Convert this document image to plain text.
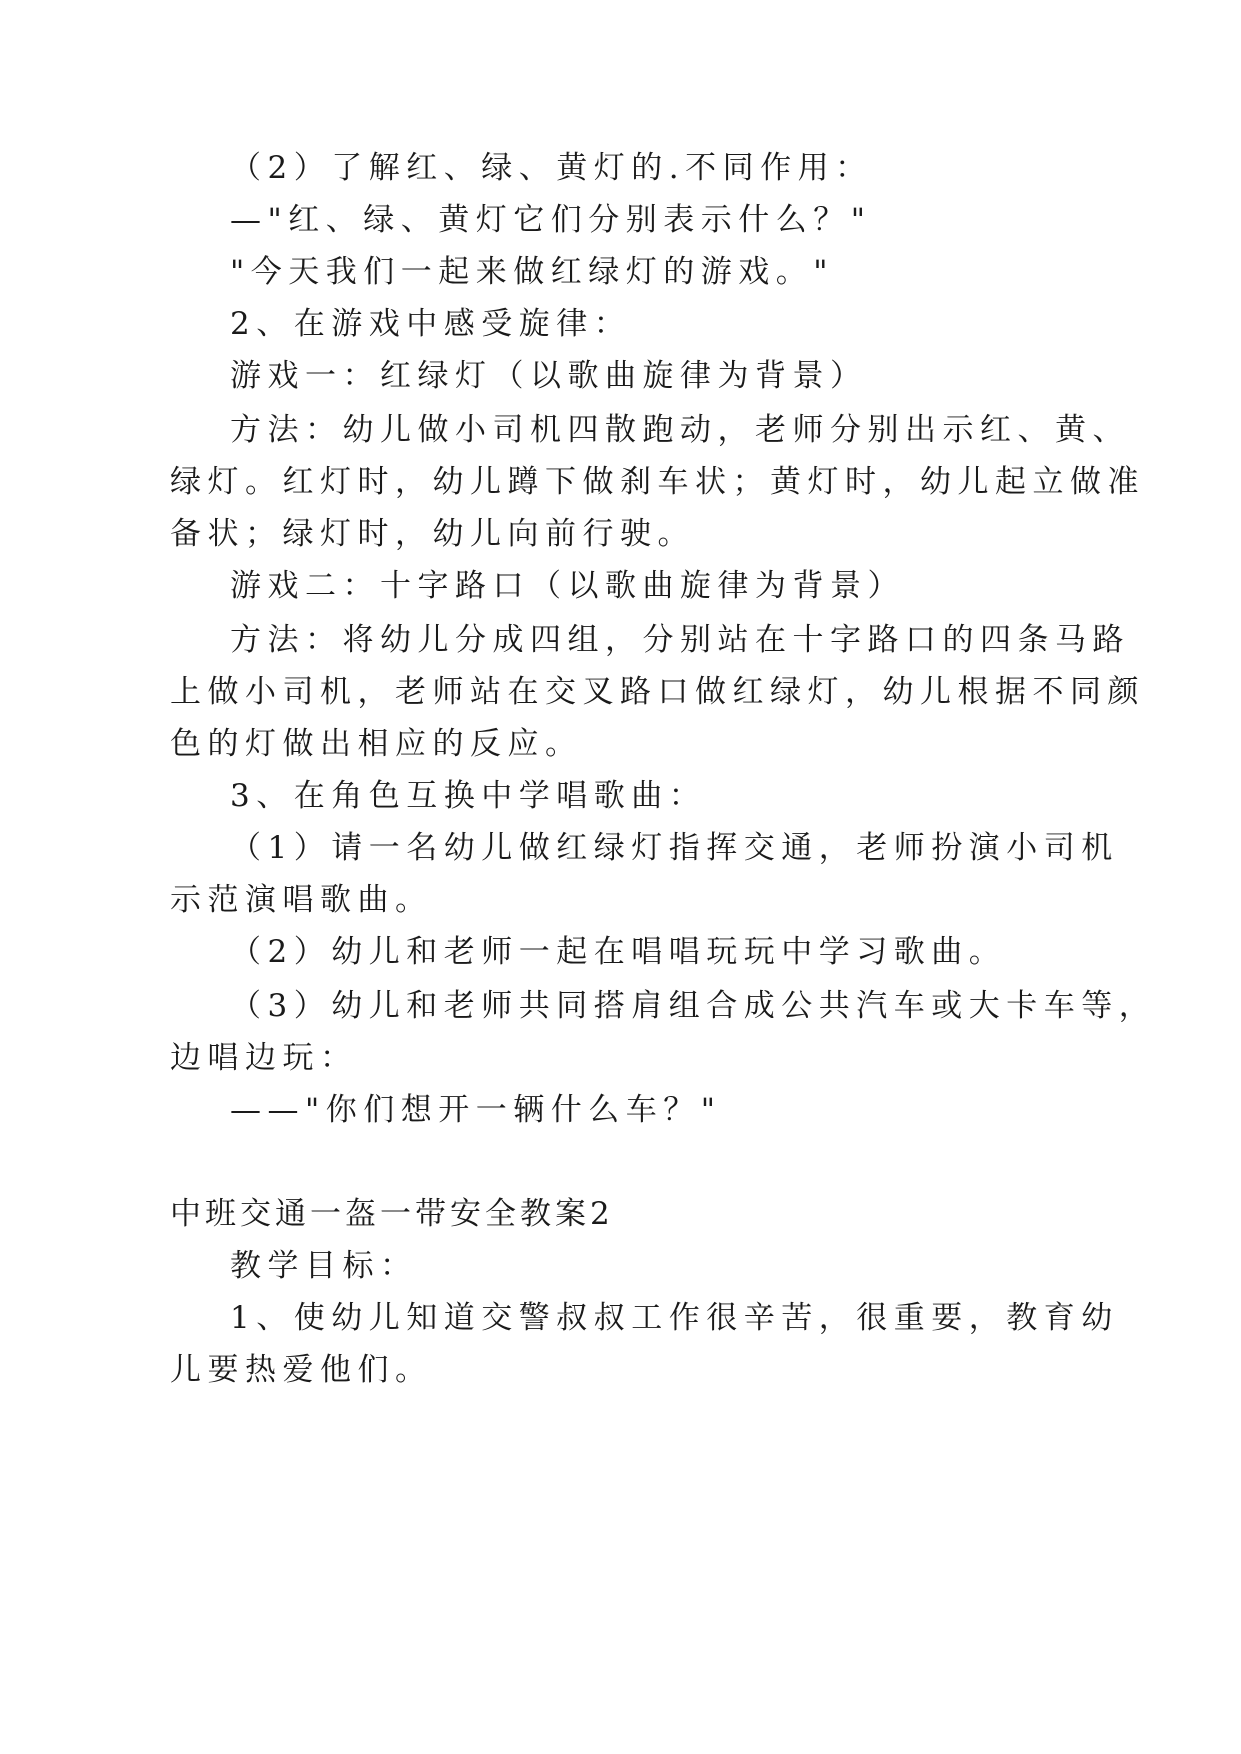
（2）了解红、绿、黄灯的.不同作用：
—"红、绿、黄灯它们分别表示什么？"
"今天我们一起来做红绿灯的游戏。"
2、在游戏中感受旋律：
游戏一：红绿灯（以歌曲旋律为背景）
方法：幼儿做小司机四散跑动，老师分别出示红、黄、
绿灯。红灯时，幼儿蹲下做刹车状；黄灯时，幼儿起立做准
备状；绿灯时，幼儿向前行驶。
游戏二：十字路口（以歌曲旋律为背景）
方法：将幼儿分成四组，分别站在十字路口的四条马路
上做小司机，老师站在交叉路口做红绿灯，幼儿根据不同颜
色的灯做出相应的反应。
3、在角色互换中学唱歌曲：
（1）请一名幼儿做红绿灯指挥交通，老师扮演小司机
示范演唱歌曲。
（2）幼儿和老师一起在唱唱玩玩中学习歌曲。
（3）幼儿和老师共同搭肩组合成公共汽车或大卡车等，
边唱边玩：
——"你们想开一辆什么车？"
中班交通一盔一带安全教案2
教学目标：
1、使幼儿知道交警叔叔工作很辛苦，很重要，教育幼
儿要热爱他们。
